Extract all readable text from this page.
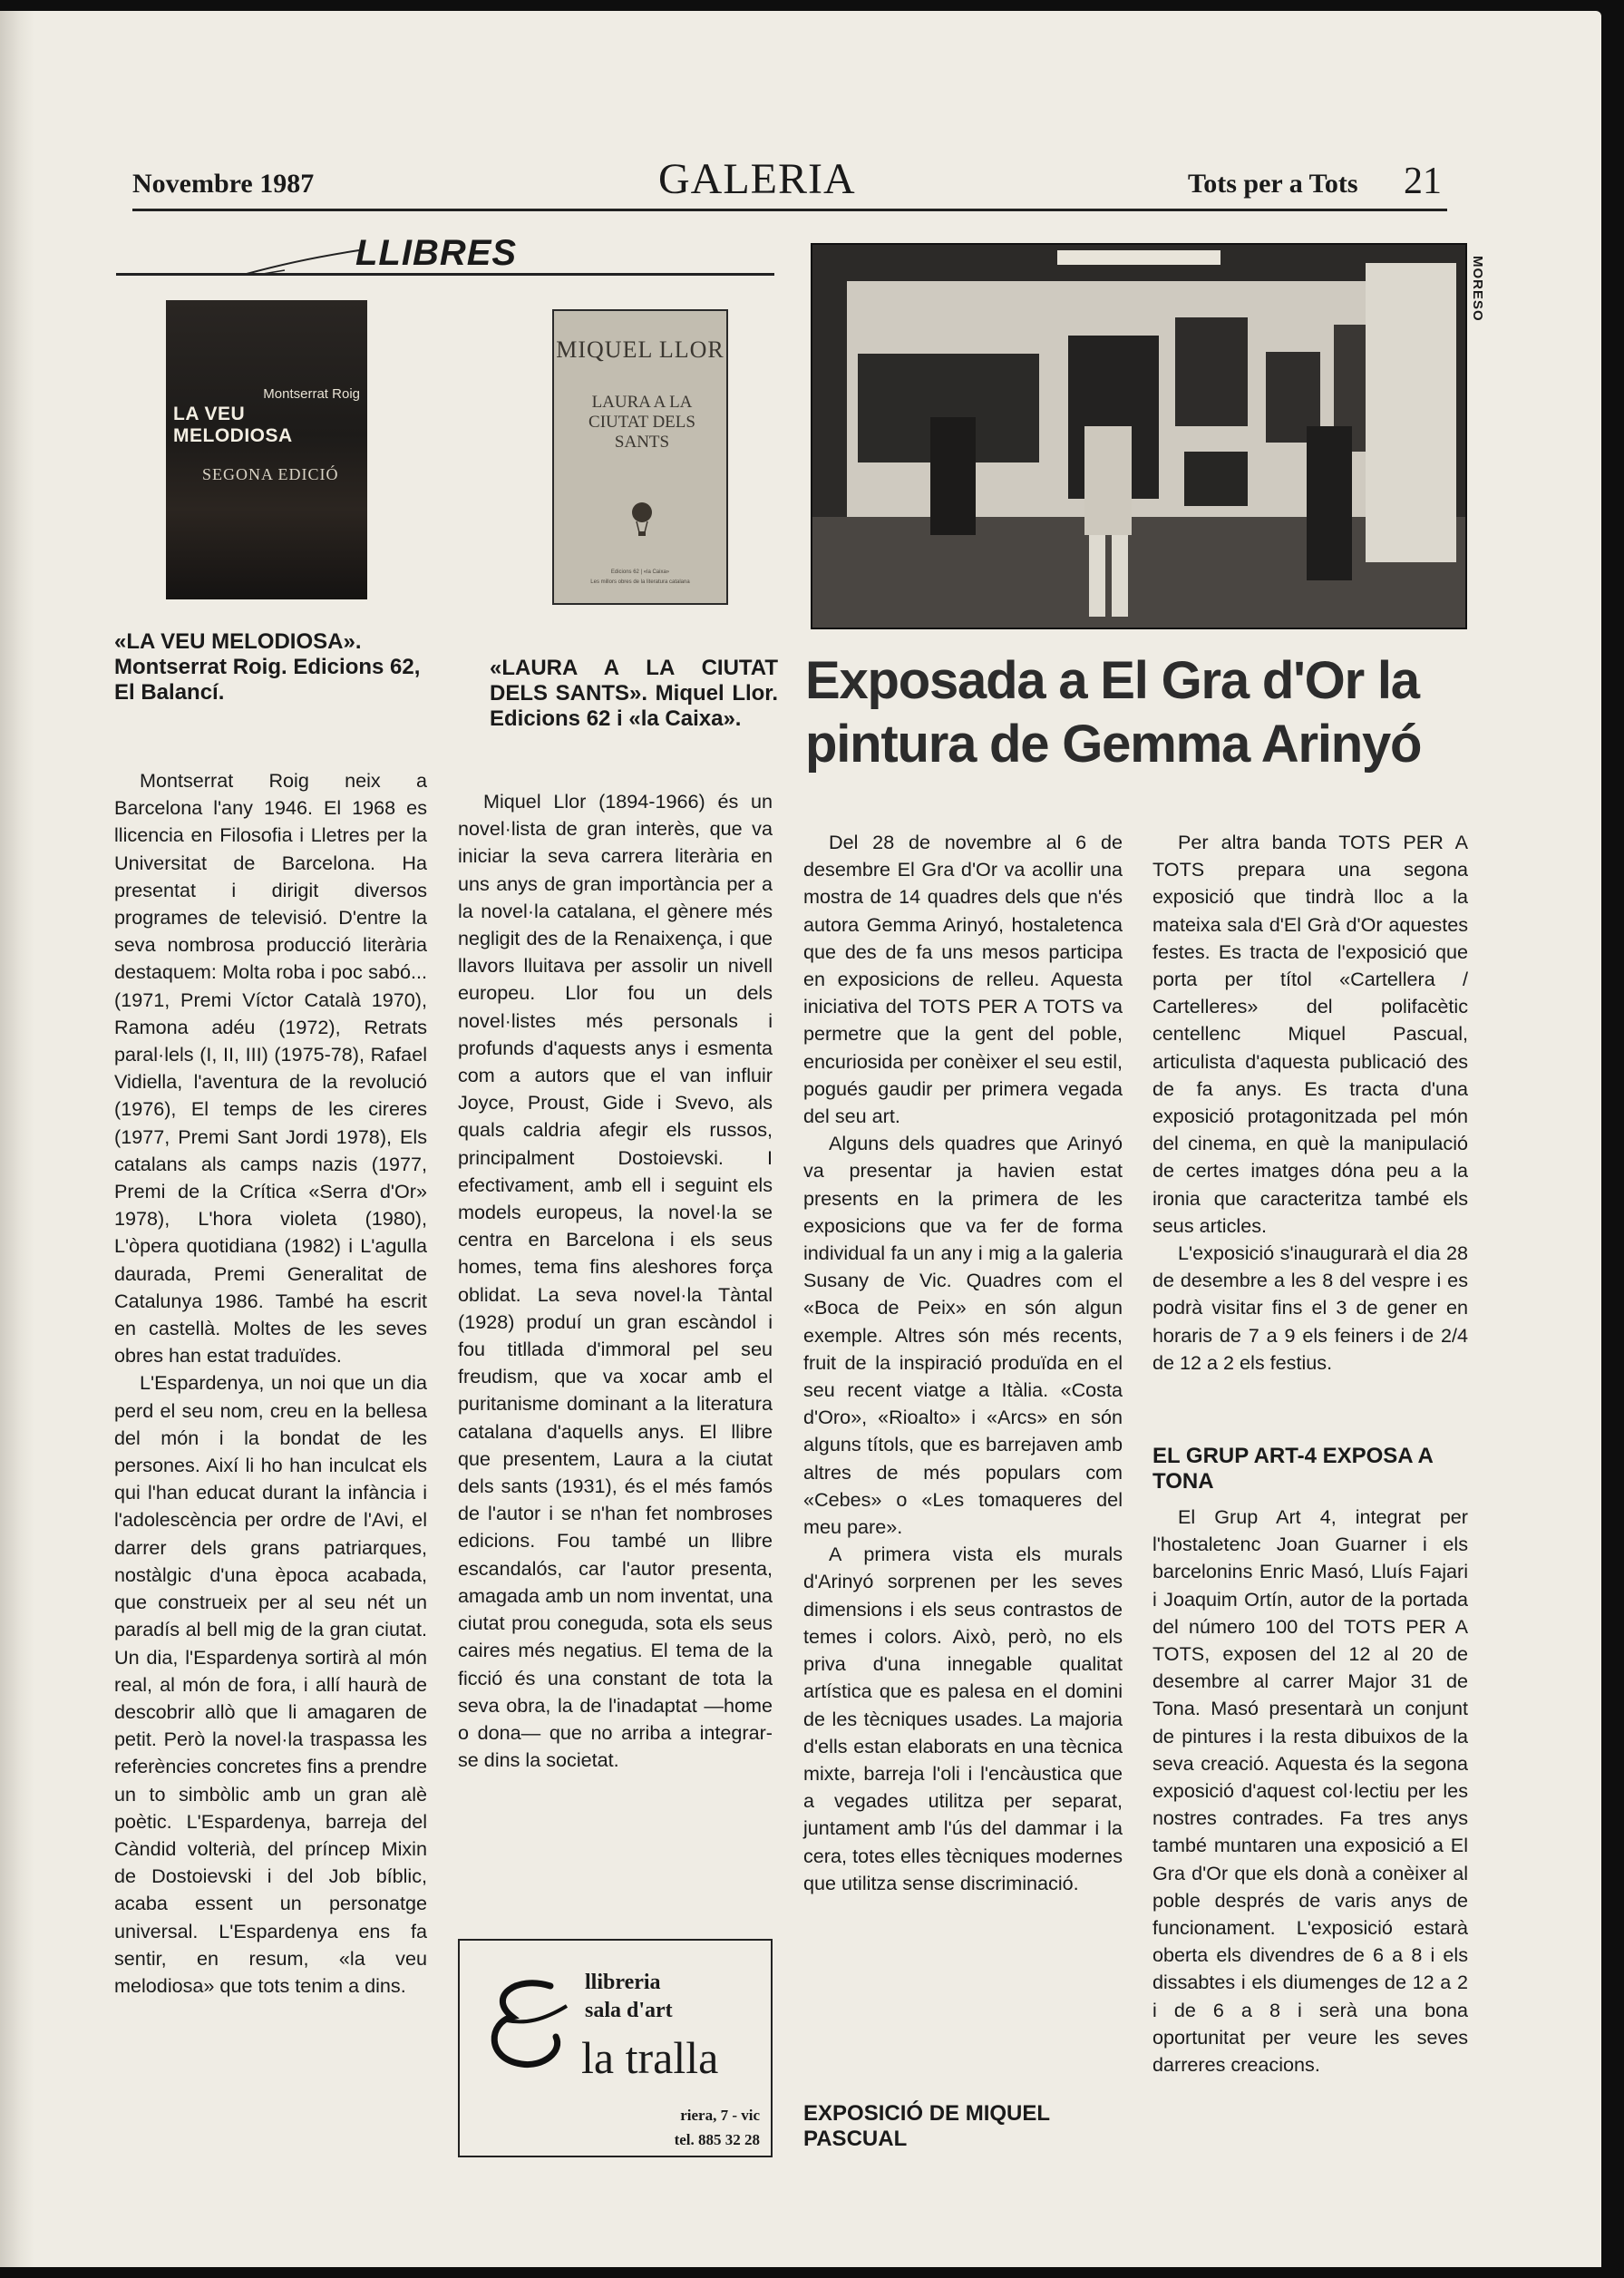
Novembre 1987	GALERIA	Tots per a Tots 21
LLIBRES
Montserrat Roig
LA VEU MELODIOSA
SEGONA EDICIÓ
MIQUEL LLOR
LAURA A LA CIUTAT DELS SANTS
Edicions 62 | «la Caixa»
Les millors obres de la literatura catalana
«LA VEU MELODIOSA». Montserrat Roig. Edicions 62, El Balancí.

Montserrat Roig neix a Barcelona l'any 1946. El 1968 es llicencia en Filosofia i Lletres per la Universitat de Barcelona. Ha presentat i dirigit diversos programes de televisió. D'entre la seva nombrosa producció literària destaquem: Molta roba i poc sabó... (1971, Premi Víctor Català 1970), Ramona adéu (1972), Retrats paral·lels (I, II, III) (1975-78), Rafael Vidiella, l'aventura de la revolució (1976), El temps de les cireres (1977, Premi Sant Jordi 1978), Els catalans als camps nazis (1977, Premi de la Crítica «Serra d'Or» 1978), L'hora violeta (1980), L'òpera quotidiana (1982) i L'agulla daurada, Premi Generalitat de Catalunya 1986. També ha escrit en castellà. Moltes de les seves obres han estat traduïdes.

L'Espardenya, un noi que un dia perd el seu nom, creu en la bellesa del món i la bondat de les persones. Així li ho han inculcat els qui l'han educat durant la infància i l'adolescència per ordre de l'Avi, el darrer dels grans patriarques, nostàlgic d'una època acabada, que construeix per al seu nét un paradís al bell mig de la gran ciutat. Un dia, l'Espardenya sortirà al món real, al món de fora, i allí haurà de descobrir allò que li amagaren de petit. Però la novel·la traspassa les referències concretes fins a prendre un to simbòlic amb un gran alè poètic. L'Espardenya, barreja del Càndid volterià, del príncep Mixin de Dostoievski i del Job bíblic, acaba essent un personatge universal. L'Espardenya ens fa sentir, en resum, «la veu melodiosa» que tots tenim a dins.

«LAURA A LA CIUTAT DELS SANTS». Miquel Llor. Edicions 62 i «la Caixa».

Miquel Llor (1894-1966) és un novel·lista de gran interès, que va iniciar la seva carrera literària en uns anys de gran importància per a la novel·la catalana, el gènere més negligit des de la Renaixença, i que llavors lluitava per assolir un nivell europeu. Llor fou un dels novel·listes més personals i profunds d'aquests anys i esmenta com a autors que el van influir Joyce, Proust, Gide i Svevo, als quals caldria afegir els russos, principalment Dostoievski. I efectivament, amb ell i seguint els models europeus, la novel·la se centra en Barcelona i els seus homes, tema fins aleshores força oblidat. La seva novel·la Tàntal (1928) produí un gran escàndol i fou titllada d'immoral pel seu freudism, que va xocar amb el puritanisme dominant a la literatura catalana d'aquells anys. El llibre que presentem, Laura a la ciutat dels sants (1931), és el més famós de l'autor i se n'han fet nombroses edicions. Fou també un llibre escandalós, car l'autor presenta, amagada amb un nom inventat, una ciutat prou coneguda, sota els seus caires més negatius. El tema de la ficció és una constant de tota la seva obra, la de l'inadaptat —home o dona— que no arriba a integrar-se dins la societat.

llibreria
sala d'art
la tralla
riera, 7 - vic
tel. 885 32 28
MORESO
Exposada a El Gra d'Or la pintura de Gemma Arinyó

Del 28 de novembre al 6 de desembre El Gra d'Or va acollir una mostra de 14 quadres dels que n'és autora Gemma Arinyó, hostaletenca que des de fa uns mesos participa en exposicions de relleu. Aquesta iniciativa del TOTS PER A TOTS va permetre que la gent del poble, encuriosida per conèixer el seu estil, pogués gaudir per primera vegada del seu art.

Alguns dels quadres que Arinyó va presentar ja havien estat presents en la primera de les exposicions que va fer de forma individual fa un any i mig a la galeria Susany de Vic. Quadres com el «Boca de Peix» en són algun exemple. Altres són més recents, fruit de la inspiració produïda en el seu recent viatge a Itàlia. «Costa d'Oro», «Rioalto» i «Arcs» en són alguns títols, que es barrejaven amb altres de més populars com «Cebes» o «Les tomaqueres del meu pare».

A primera vista els murals d'Arinyó sorprenen per les seves dimensions i els seus contrastos de temes i colors. Això, però, no els priva d'una innegable qualitat artística que es palesa en el domini de les tècniques usades. La majoria d'ells estan elaborats en una tècnica mixte, barreja l'oli i l'encàustica que a vegades utilitza per separat, juntament amb l'ús del dammar i la cera, totes elles tècniques modernes que utilitza sense discriminació.

EXPOSICIÓ DE MIQUEL PASCUAL

Per altra banda TOTS PER A TOTS prepara una segona exposició que tindrà lloc a la mateixa sala d'El Grà d'Or aquestes festes. Es tracta de l'exposició que porta per títol «Cartellera / Cartelleres» del polifacètic centellenc Miquel Pascual, articulista d'aquesta publicació des de fa anys. Es tracta d'una exposició protagonitzada pel món del cinema, en què la manipulació de certes imatges dóna peu a la ironia que caracteritza també els seus articles.

L'exposició s'inaugurarà el dia 28 de desembre a les 8 del vespre i es podrà visitar fins el 3 de gener en horaris de 7 a 9 els feiners i de 2/4 de 12 a 2 els festius.

EL GRUP ART-4 EXPOSA A TONA

El Grup Art 4, integrat per l'hostaletenc Joan Guarner i els barcelonins Enric Masó, Lluís Fajari i Joaquim Ortín, autor de la portada del número 100 del TOTS PER A TOTS, exposen del 12 al 20 de desembre al carrer Major 31 de Tona. Masó presentarà un conjunt de pintures i la resta dibuixos de la seva creació. Aquesta és la segona exposició d'aquest col·lectiu per les nostres contrades. Fa tres anys també muntaren una exposició a El Gra d'Or que els donà a conèixer al poble després de varis anys de funcionament. L'exposició estarà oberta els divendres de 6 a 8 i els dissabtes i els diumenges de 12 a 2 i de 6 a 8 i serà una bona oportunitat per veure les seves darreres creacions.
